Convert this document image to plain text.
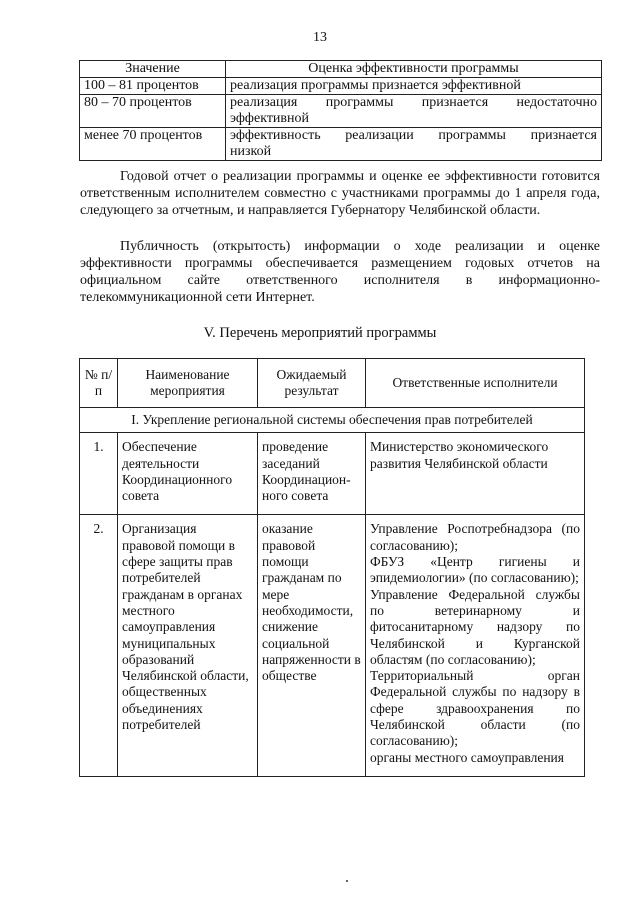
13
Значение	Оценка эффективности программы
100 – 81 процентов	реализация программы признается эффективной
80 – 70 процентов	реализация программы признается недостаточно
эффективной
менее 70 процентов	эффективность реализации программы признается
низкой

Годовой отчет о реализации программы и оценке ее эффективности готовится ответственным исполнителем совместно с участниками программы до 1 апреля года, следующего за отчетным, и направляется Губернатору Челябинской области.

Публичность (открытость) информации о ходе реализации и оценке эффективности программы обеспечивается размещением годовых отчетов на официальном сайте ответственного исполнителя в информационно-телекоммуникационной сети Интернет.

V. Перечень мероприятий программы
№ п/п	Наименование мероприятия	Ожидаемый результат	Ответственные исполнители
I. Укрепление региональной системы обеспечения прав потребителей			
1.	Обеспечение деятельности Координационного совета	проведение заседаний Координацион-ного совета	Министерство экономического развития Челябинской области
2.	Организация правовой помощи в сфере защиты прав потребителей гражданам в органах местного самоуправления муниципальных образований Челябинской области, общественных объединениях потребителей	оказание правовой помощи гражданам по мере необходимости, снижение социальной напряженности в обществе	Управление Роспотребнадзора (по согласованию);
ФБУЗ «Центр гигиены и эпидемиологии» (по согласованию);
Управление Федеральной службы по ветеринарному и фитосанитарному надзору по Челябинской и Курганской областям (по согласованию);
Территориальный орган Федеральной службы по надзору в сфере здравоохранения по Челябинской области (по согласованию);
органы местного самоуправления
